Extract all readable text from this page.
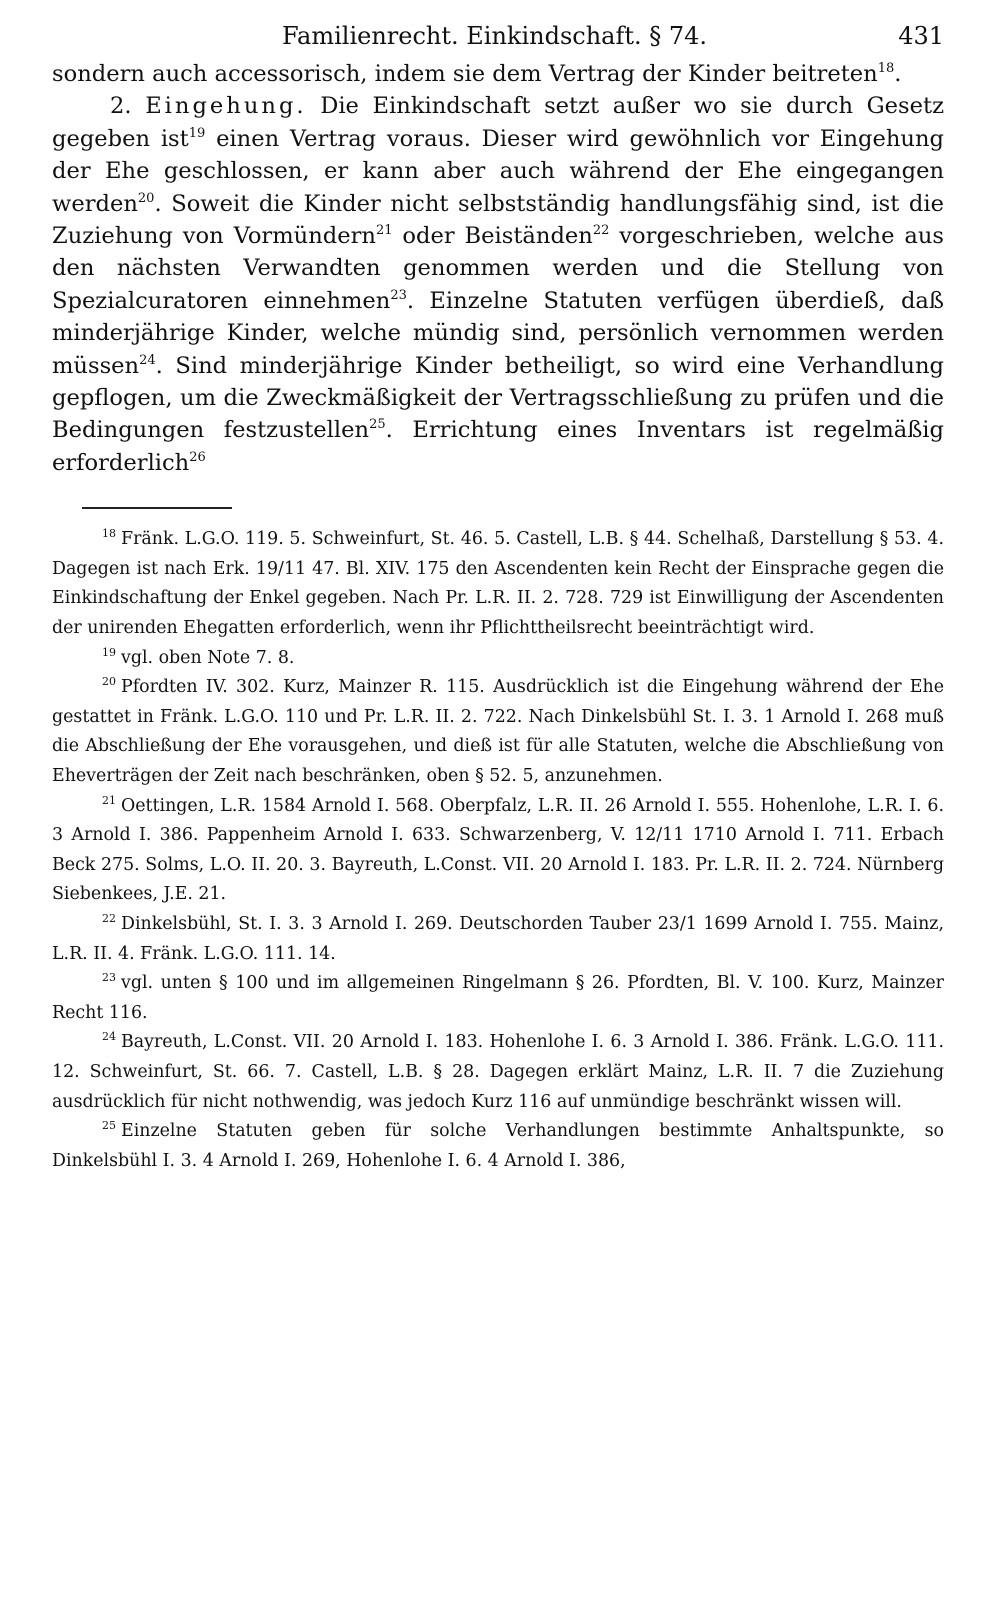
Familienrecht. Einkindschaft. § 74.	431

sondern auch accessorisch, indem sie dem Vertrag der Kinder beitreten$^{18}$.

2. Eingehung. Die Einkindschaft setzt außer wo sie durch Gesetz gegeben ist$^{19}$ einen Vertrag voraus. Dieser wird gewöhnlich vor Eingehung der Ehe geschlossen, er kann aber auch während der Ehe eingegangen werden$^{20}$. Soweit die Kinder nicht selbstständig handlungsfähig sind, ist die Zuziehung von Vormündern$^{21}$ oder Beiständen$^{22}$ vorgeschrieben, welche aus den nächsten Verwandten genommen werden und die Stellung von Spezialcuratoren einnehmen$^{23}$. Einzelne Statuten verfügen überdieß, daß minderjährige Kinder, welche mündig sind, persönlich vernommen werden müssen$^{24}$. Sind minderjährige Kinder betheiligt, so wird eine Verhandlung gepflogen, um die Zweckmäßigkeit der Vertragsschließung zu prüfen und die Bedingungen festzustellen$^{25}$. Errichtung eines Inventars ist regelmäßig erforderlich$^{26}$

$^{18}$ Fränk. L.G.O. 119. 5. Schweinfurt, St. 46. 5. Castell, L.B. § 44. Schelhaß, Darstellung § 53. 4. Dagegen ist nach Erk. 19/11 47. Bl. XIV. 175 den Ascendenten kein Recht der Einsprache gegen die Einkindschaftung der Enkel gegeben. Nach Pr. L.R. II. 2. 728. 729 ist Einwilligung der Ascendenten der unirenden Ehegatten erforderlich, wenn ihr Pflichttheilsrecht beeinträchtigt wird.

$^{19}$ vgl. oben Note 7. 8.

$^{20}$ Pfordten IV. 302. Kurz, Mainzer R. 115. Ausdrücklich ist die Eingehung während der Ehe gestattet in Fränk. L.G.O. 110 und Pr. L.R. II. 2. 722. Nach Dinkelsbühl St. I. 3. 1 Arnold I. 268 muß die Abschließung der Ehe vorausgehen, und dieß ist für alle Statuten, welche die Abschließung von Eheverträgen der Zeit nach beschränken, oben § 52. 5, anzunehmen.

$^{21}$ Oettingen, L.R. 1584 Arnold I. 568. Oberpfalz, L.R. II. 26 Arnold I. 555. Hohenlohe, L.R. I. 6. 3 Arnold I. 386. Pappenheim Arnold I. 633. Schwarzenberg, V. 12/11 1710 Arnold I. 711. Erbach Beck 275. Solms, L.O. II. 20. 3. Bayreuth, L.Const. VII. 20 Arnold I. 183. Pr. L.R. II. 2. 724. Nürnberg Siebenkees, J.E. 21.

$^{22}$ Dinkelsbühl, St. I. 3. 3 Arnold I. 269. Deutschorden Tauber 23/1 1699 Arnold I. 755. Mainz, L.R. II. 4. Fränk. L.G.O. 111. 14.

$^{23}$ vgl. unten § 100 und im allgemeinen Ringelmann § 26. Pfordten, Bl. V. 100. Kurz, Mainzer Recht 116.

$^{24}$ Bayreuth, L.Const. VII. 20 Arnold I. 183. Hohenlohe I. 6. 3 Arnold I. 386. Fränk. L.G.O. 111. 12. Schweinfurt, St. 66. 7. Castell, L.B. § 28. Dagegen erklärt Mainz, L.R. II. 7 die Zuziehung ausdrücklich für nicht nothwendig, was jedoch Kurz 116 auf unmündige beschränkt wissen will.

$^{25}$ Einzelne Statuten geben für solche Verhandlungen bestimmte Anhaltspunkte, so Dinkelsbühl I. 3. 4 Arnold I. 269, Hohenlohe I. 6. 4 Arnold I. 386,
